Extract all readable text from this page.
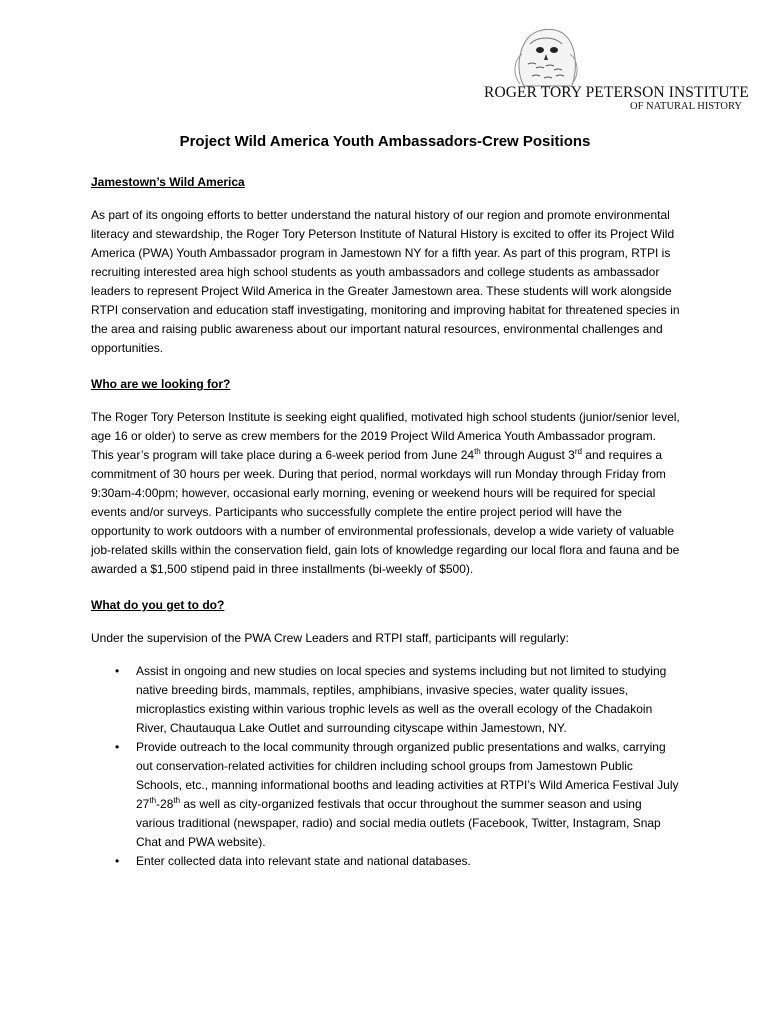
ROGER TORY PETERSON INSTITUTE
OF NATURAL HISTORY
Project Wild America Youth Ambassadors-Crew Positions

Jamestown’s Wild America

As part of its ongoing efforts to better understand the natural history of our region and promote environmental literacy and stewardship, the Roger Tory Peterson Institute of Natural History is excited to offer its Project Wild America (PWA) Youth Ambassador program in Jamestown NY for a fifth year. As part of this program, RTPI is recruiting interested area high school students as youth ambassadors and college students as ambassador leaders to represent Project Wild America in the Greater Jamestown area. These students will work alongside RTPI conservation and education staff investigating, monitoring and improving habitat for threatened species in the area and raising public awareness about our important natural resources, environmental challenges and opportunities.

Who are we looking for?

The Roger Tory Peterson Institute is seeking eight qualified, motivated high school students (junior/senior level, age 16 or older) to serve as crew members for the 2019 Project Wild America Youth Ambassador program. This year’s program will take place during a 6-week period from June 24th through August 3rd and requires a commitment of 30 hours per week. During that period, normal workdays will run Monday through Friday from 9:30am-4:00pm; however, occasional early morning, evening or weekend hours will be required for special events and/or surveys. Participants who successfully complete the entire project period will have the opportunity to work outdoors with a number of environmental professionals, develop a wide variety of valuable job-related skills within the conservation field, gain lots of knowledge regarding our local flora and fauna and be awarded a $1,500 stipend paid in three installments (bi-weekly of $500).

What do you get to do?

Under the supervision of the PWA Crew Leaders and RTPI staff, participants will regularly:

• Assist in ongoing and new studies on local species and systems including but not limited to studying native breeding birds, mammals, reptiles, amphibians, invasive species, water quality issues, microplastics existing within various trophic levels as well as the overall ecology of the Chadakoin River, Chautauqua Lake Outlet and surrounding cityscape within Jamestown, NY.
• Provide outreach to the local community through organized public presentations and walks, carrying out conservation-related activities for children including school groups from Jamestown Public Schools, etc., manning informational booths and leading activities at RTPI’s Wild America Festival July 27th-28th as well as city-organized festivals that occur throughout the summer season and using various traditional (newspaper, radio) and social media outlets (Facebook, Twitter, Instagram, Snap Chat and PWA website).
• Enter collected data into relevant state and national databases.
